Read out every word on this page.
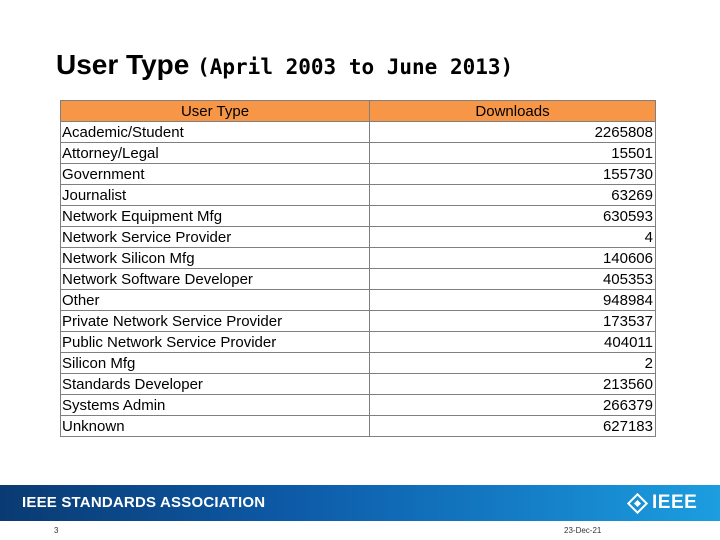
User Type (April 2003 to June 2013)
User Type	Downloads
Academic/Student	2265808
Attorney/Legal	15501
Government	155730
Journalist	63269
Network Equipment Mfg	630593
Network Service Provider	4
Network Silicon Mfg	140606
Network Software Developer	405353
Other	948984
Private Network Service Provider	173537
Public Network Service Provider	404011
Silicon Mfg	2
Standards Developer	213560
Systems Admin	266379
Unknown	627183
IEEE STANDARDS ASSOCIATION	IEEE
3	23-Dec-21
